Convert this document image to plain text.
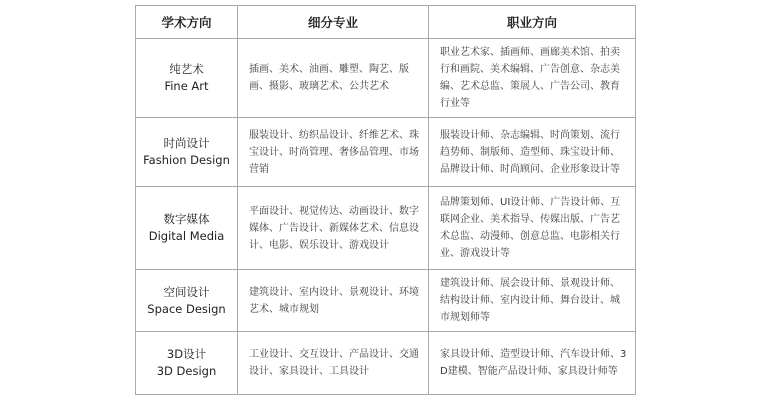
学术方向	细分专业	职业方向

纯艺术
Fine Art	插画、美术、油画、雕塑、陶艺、版画、摄影、玻璃艺术、公共艺术	职业艺术家、插画师、画廊美术馆、拍卖行和画院、美术编辑、广告创意、杂志美编、艺术总监、策展人、广告公司、教育行业等

时尚设计
Fashion Design	服装设计、纺织品设计、纤维艺术、珠宝设计、时尚管理、奢侈品管理、市场营销	服装设计师、杂志编辑、时尚策划、流行趋势师、制版师、造型师、珠宝设计师、品牌设计师、时尚顾问、企业形象设计等

数字媒体
Digital Media	平面设计、视觉传达、动画设计、数字媒体、广告设计、新媒体艺术、信息设计、电影、娱乐设计、游戏设计	品牌策划师、UI设计师、广告设计师、互联网企业、美术指导、传媒出版、广告艺术总监、动漫师、创意总监、电影相关行业、游戏设计等

空间设计
Space Design	建筑设计、室内设计、景观设计、环境艺术、城市规划	建筑设计师、展会设计师、景观设计师、结构设计师、室内设计师、舞台设计、城市规划师等

3D设计
3D Design	工业设计、交互设计、产品设计、交通设计、家具设计、工具设计	家具设计师、造型设计师、汽车设计师、3D建模、智能产品设计师、家具设计师等
